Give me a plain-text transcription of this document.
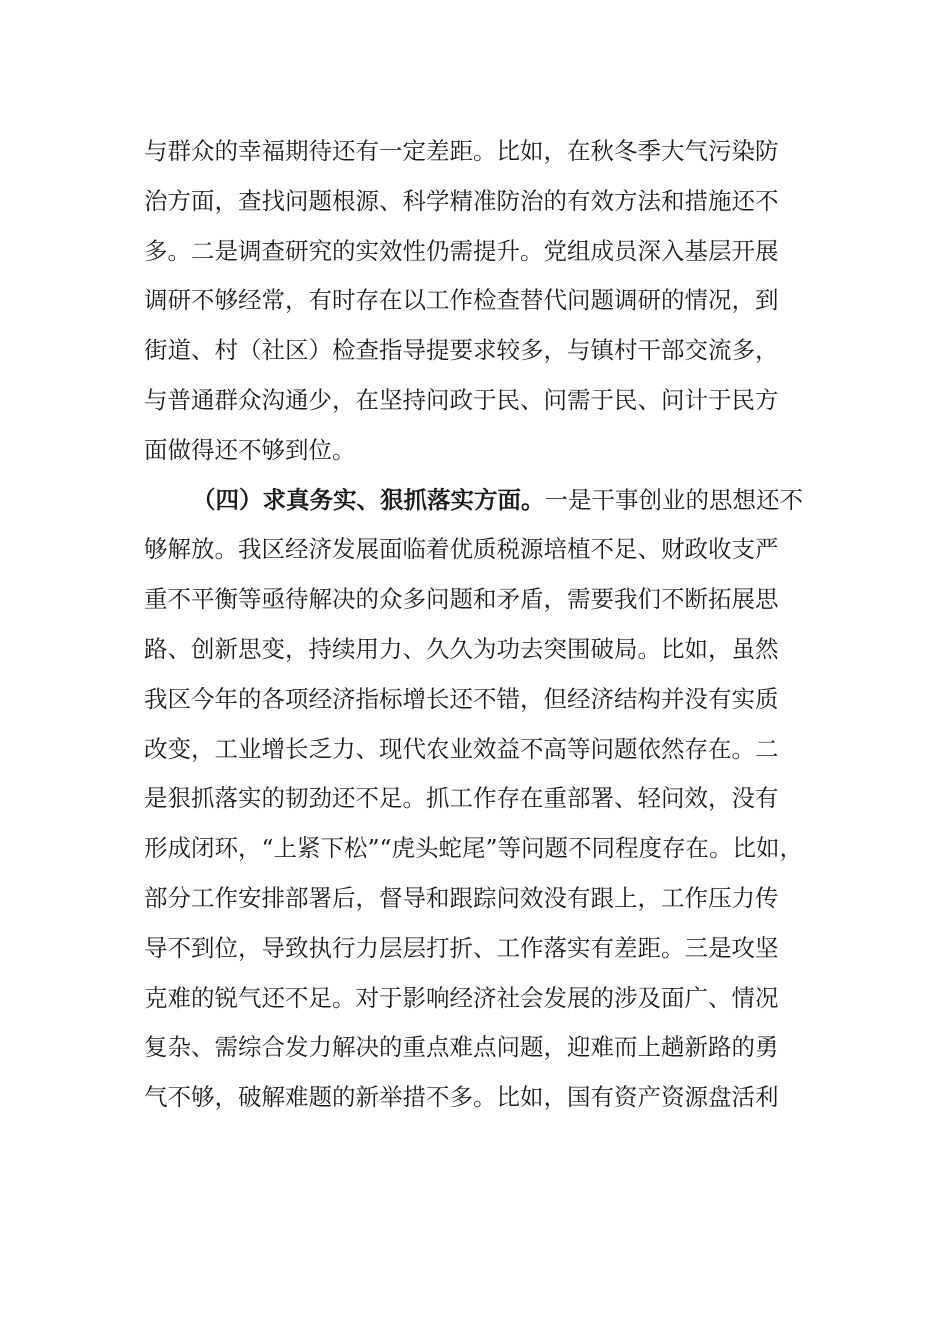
与群众的幸福期待还有一定差距。比如，在秋冬季大气污染防
治方面，查找问题根源、科学精准防治的有效方法和措施还不
多。二是调查研究的实效性仍需提升。党组成员深入基层开展
调研不够经常，有时存在以工作检查替代问题调研的情况，到
街道、村（社区）检查指导提要求较多，与镇村干部交流多，
与普通群众沟通少，在坚持问政于民、问需于民、问计于民方
面做得还不够到位。
（四）求真务实、狠抓落实方面。一是干事创业的思想还不
够解放。我区经济发展面临着优质税源培植不足、财政收支严
重不平衡等亟待解决的众多问题和矛盾，需要我们不断拓展思
路、创新思变，持续用力、久久为功去突围破局。比如，虽然
我区今年的各项经济指标增长还不错，但经济结构并没有实质
改变，工业增长乏力、现代农业效益不高等问题依然存在。二
是狠抓落实的韧劲还不足。抓工作存在重部署、轻问效，没有
形成闭环，“上紧下松”“虎头蛇尾”等问题不同程度存在。比如，
部分工作安排部署后，督导和跟踪问效没有跟上，工作压力传
导不到位，导致执行力层层打折、工作落实有差距。三是攻坚
克难的锐气还不足。对于影响经济社会发展的涉及面广、情况
复杂、需综合发力解决的重点难点问题，迎难而上趟新路的勇
气不够，破解难题的新举措不多。比如，国有资产资源盘活利
